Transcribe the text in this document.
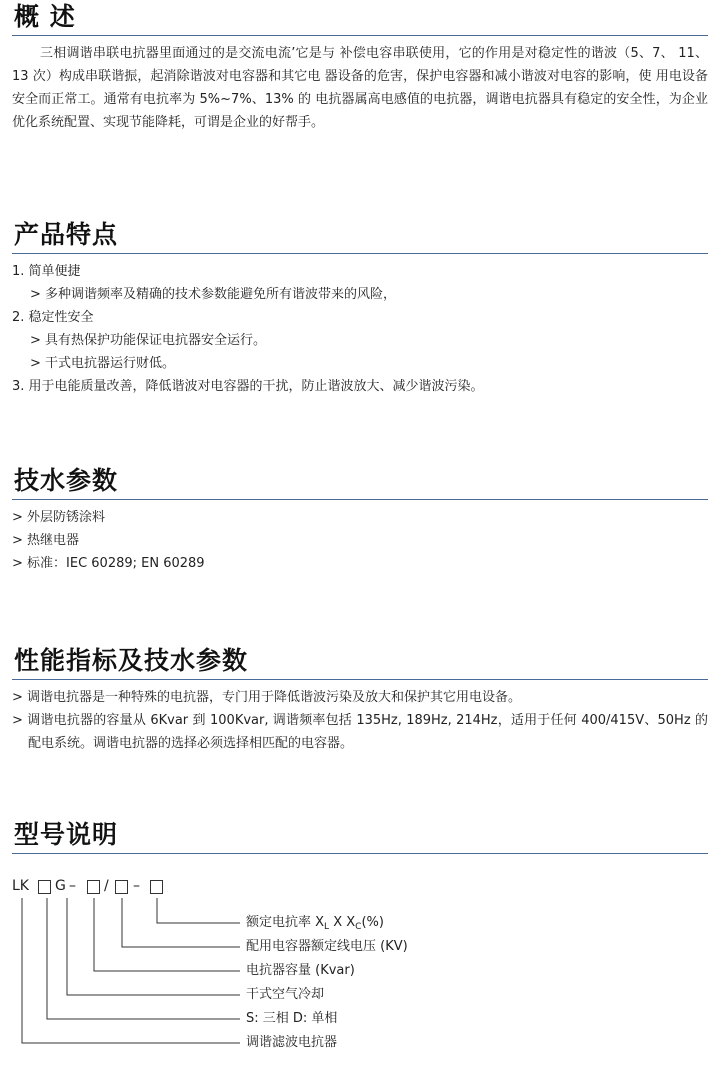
概 述
三相调谐串联电抗器里面通过的是交流电流’它是与 补偿电容串联使用，它的作用是对稳定性的谐波（5、7、 11、13 次）构成串联谐振，起消除谐波对电容器和其它电 器设备的危害，保护电容器和减小谐波对电容的影响，使 用电设备安全而正常工。通常有电抗率为 5%~7%、13% 的 电抗器属高电感值的电抗器，调谐电抗器具有稳定的安全性，为企业优化系统配置、实现节能降耗，可谓是企业的好帮手。
产品特点
1. 简单便捷
> 多种调谐频率及精确的技术参数能避免所有谐波带来的风险，
2. 稳定性安全
> 具有热保护功能保证电抗器安全运行。
> 干式电抗器运行财低。
3. 用于电能质量改善，降低谐波对电容器的干扰，防止谐波放大、减少谐波污染。
技水参数
> 外层防锈涂料
> 热继电器
> 标准：IEC 60289; EN 60289
性能指标及技水参数
> 调谐电抗器是一种特殊的电抗器，专门用于降低谐波污染及放大和保护其它用电设备。
> 调谐电抗器的容量从 6Kvar 到 100Kvar, 调谐频率包括 135Hz, 189Hz, 214Hz，适用于任何 400/415V、50Hz 的配电系统。调谐电抗器的选择必须选择相匹配的电容器。
型号说明
LK G – / –
额定电抗率 $X_L$ X $X_C(\%)$
配用电容器额定线电压 (KV)
电抗器容量 (Kvar)
干式空气冷却
S: 三相 D: 单相
调谐滤波电抗器
